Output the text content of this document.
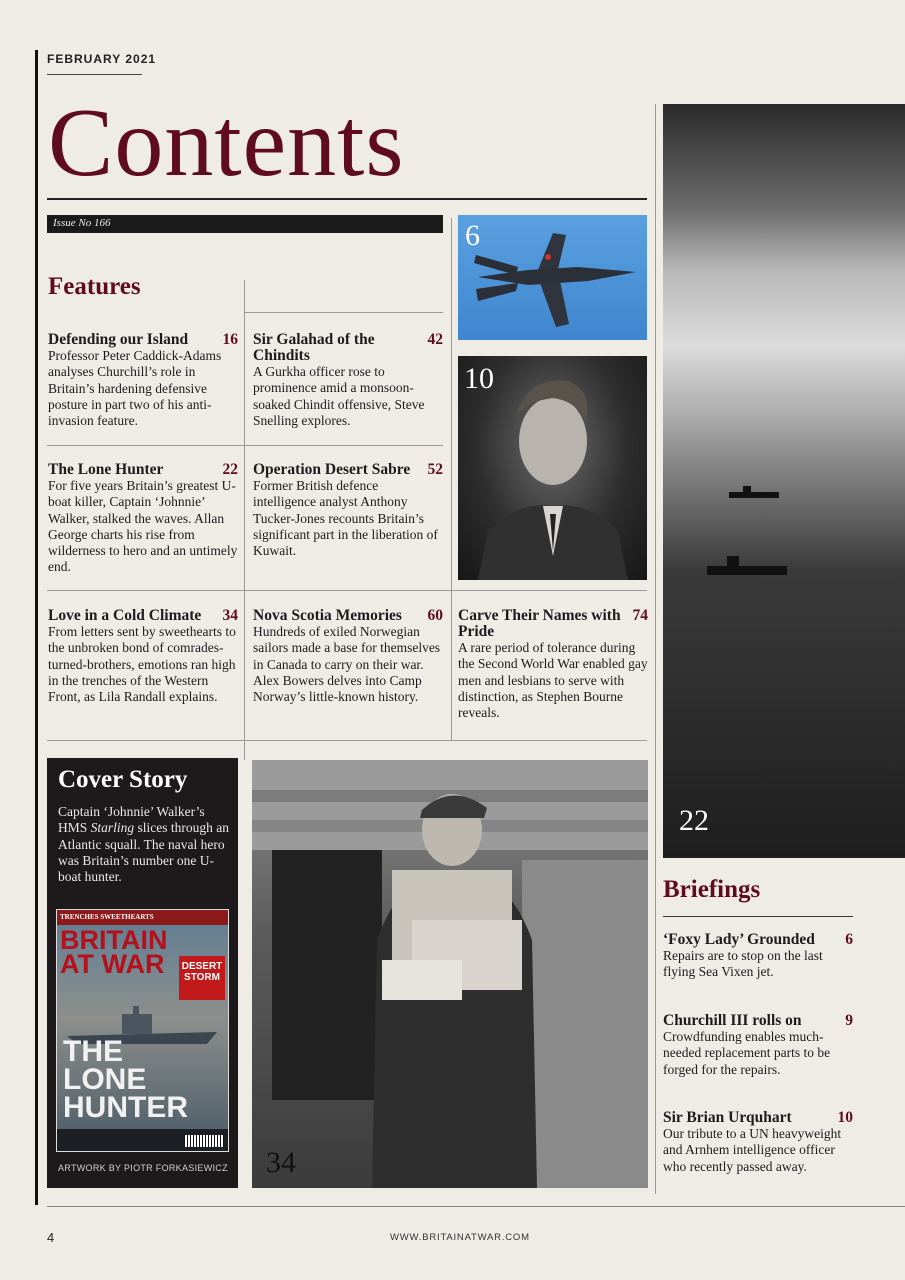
FEBRUARY 2021
Contents
Issue No 166
Features
Defending our Island 16
Professor Peter Caddick-Adams analyses Churchill’s role in Britain’s hardening defensive posture in part two of his anti-invasion feature.
Sir Galahad of the Chindits
42
A Gurkha officer rose to prominence amid a monsoon-soaked Chindit offensive, Steve Snelling explores.
The Lone Hunter	22
For five years Britain’s greatest U-boat killer, Captain ‘Johnnie’ Walker, stalked the waves. Allan George charts his rise from wilderness to hero and an untimely end.
Operation Desert Sabre 52
Former British defence intelligence analyst Anthony Tucker-Jones recounts Britain’s significant part in the liberation of Kuwait.
Love in a Cold Climate 34
From letters sent by sweethearts to the unbroken bond of comrades-turned-brothers, emotions ran high in the trenches of the Western Front, as Lila Randall explains.
Nova Scotia Memories 60
Hundreds of exiled Norwegian sailors made a base for themselves in Canada to carry on their war. Alex Bowers delves into Camp Norway’s little-known history.
Carve Their Names with Pride
74
A rare period of tolerance during the Second World War enabled gay men and lesbians to serve with distinction, as Stephen Bourne reveals.
6
10
22
34
Cover Story
Captain ‘Johnnie’ Walker’s HMS Starling slices through an Atlantic squall. The naval hero was Britain’s number one U-boat hunter.
TRENCHES SWEETHEARTS
BRITAIN
AT WAR	DESERT
STORM
THE
LONE
HUNTER
ARTWORK BY PIOTR FORKASIEWICZ
Briefings
‘Foxy Lady’ Grounded 6
Repairs are to stop on the last flying Sea Vixen jet.
Churchill III rolls on	9
Crowdfunding enables much-needed replacement parts to be forged for the repairs.
Sir Brian Urquhart	10
Our tribute to a UN heavyweight and Arnhem intelligence officer who recently passed away.
4	WWW.BRITAINATWAR.COM
